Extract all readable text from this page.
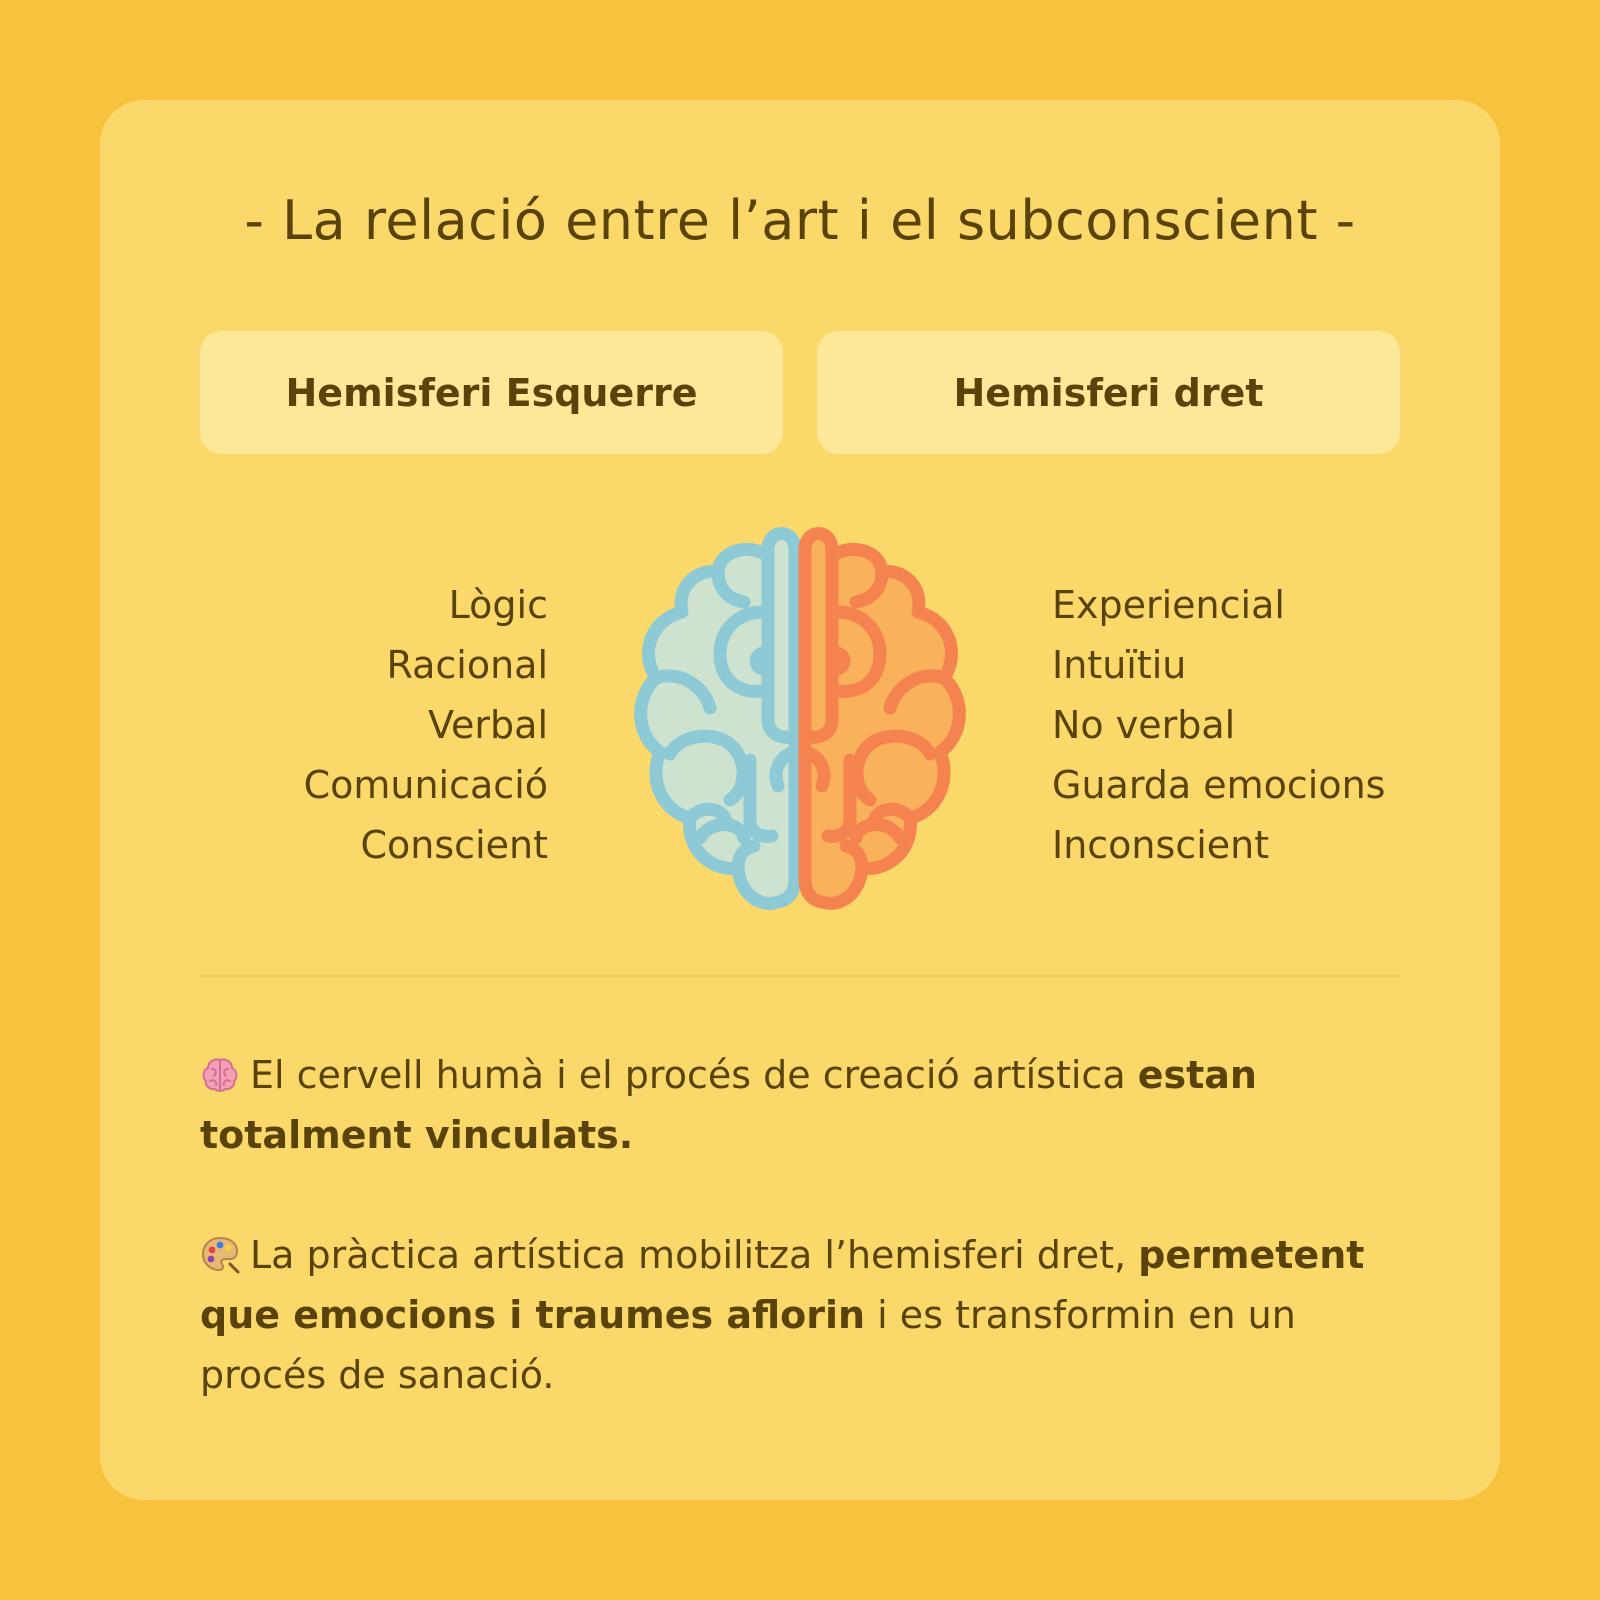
- La relació entre l’art i el subconscient -
Hemisferi Esquerre	Hemisferi dret
Lògic
Racional
Verbal
Comunicació
Conscient
Experiencial
Intuïtiu
No verbal
Guarda emocions
Inconscient

El cervell humà i el procés de creació artística estan totalment vinculats.

La pràctica artística mobilitza l’hemisferi dret, permetent que emocions i traumes aflorin i es transformin en un procés de sanació.
